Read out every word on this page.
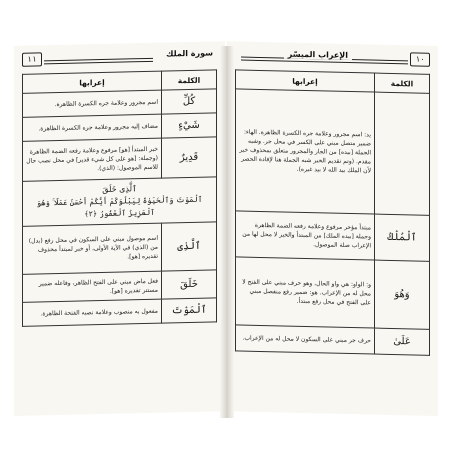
١١
سورة الملك
الكلمة	إعرابها
كُلِّ	اسم مجرور وعلامة جره الكسرة الظاهرة.
شَيْءٍ	مضاف إليه مجرور وعلامة جره الكسرة الظاهرة.
قَدِيرٌ	خبر المبتدأ [هو] مرفوع وعلامة رفعه الضمة الظاهرة (وجملة: [هو على كل شيء قدير] في محل نصب حال للاسم الموصول: (الذي).

ٱلَّذِى خَلَقَ
ٱلْمَوْتَ وَٱلْحَيَوٰةَ لِيَبْلُوَكُمْ أَيُّكُمْ أَحْسَنُ عَمَلًا ۚ وَهُوَ ٱلْعَزِيزُ ٱلْغَفُورُ ﴿٢﴾	

ٱلَّذِى	اسم موصول مبني على السكون في محل رفع (بدل) من (الذي) في الآية الأولى، أو خبر لمبتدأ محذوف تقديره [هو].
خَلَقَ	فعل ماض مبني على الفتح الظاهر، وفاعله ضمير مستتر تقديره [هو].
ٱلْمَوْتَ	مفعول به منصوب وعلامة نصبه الفتحة الظاهرة.
١٠
الإعراب الميسّر
الكلمة	إعرابها
	يد: اسم مجرور وعلامة جره الكسرة الظاهرة. الهاء: ضمير متصل مبني على الكسر في محل جر. وشبه الجملة [بيده] من الجار والمجرور متعلق بمحذوف خبر مقدم. (وتم تقديم الخبر شبه الجملة هنا لإفادة الحصر لأن الملك بيد الله لا بيد غيره).
ٱلْمُلْكُ	مبتدأ مؤخر مرفوع وعلامة رفعه الضمة الظاهرة وجملة [بيده الملك] من المبتدأ والخبر لا محل لها من الإعراب صلة الموصول.
وَهُوَ	و: الواو: هي واو الحال، وهو حرف مبني على الفتح لا محل له من الإعراب. هو: ضمير رفع منفصل مبني على الفتح في محل رفع مبتدأ.
عَلَىٰ	حرف جر مبني على السكون لا محل له من الإعراب.
